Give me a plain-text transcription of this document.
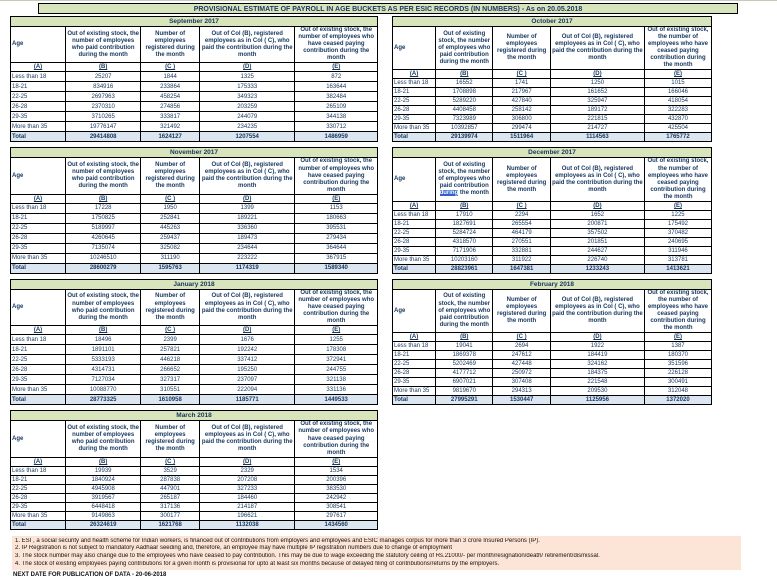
PROVISIONAL ESTIMATE OF PAYROLL IN AGE BUCKETS AS PER ESIC RECORDS (IN NUMBERS) - As on 20.05.2018
September 2017				
Age	Out of existing stock, the number of employees who paid contribution during the month	Number of employees registered during the month	Out of Col (B), registered employees as in Col ( C), who paid the contribution during the month	Out of existing stock, the number of employees who have ceased paying contribution during the month
(A)	(B)	(C )	(D)	(E)
Less than 18	25207	1844	1325	872
18-21	834916	233864	175333	163644
22-25	2697963	458254	349323	382484
26-28	2370310	274856	203259	265109
29-35	3710265	333817	244079	344138
More than 35	19776147	321492	234235	330712
Total	29414808	1624127	1207554	1486959
October 2017				
Age	Out of existing stock, the number of employees who paid contribution during the month	Number of employees registered during the month	Out of Col (B), registered employees as in Col ( C), who paid the contribution during the month	Out of existing stock, the number of employees who have ceased paying contribution during the month
(A)	(B)	(C )	(D)	(E)
Less than 18	16552	1741	1250	1015
18-21	1708898	217967	161652	166046
22-25	5289220	427840	325947	418054
26-28	4408458	258142	189172	322283
29-35	7323989	306800	221815	432870
More than 35	10392857	299474	214727	425504
Total	29139974	1511964	1114563	1765772
November 2017				
Age	Out of existing stock, the number of employees who paid contribution during the month	Number of employees registered during the month	Out of Col (B), registered employees as in Col ( C), who paid the contribution during the month	Out of existing stock, the number of employees who have ceased paying contribution during the month
(A)	(B)	(C )	(D)	(E)
Less than 18	17228	1950	1399	1153
18-21	1750825	252841	189221	180663
22-25	5189997	445263	336360	395531
26-28	4260645	259437	189473	279434
29-35	7135074	325082	234644	364644
More than 35	10246510	311190	223222	367915
Total	28600279	1595763	1174319	1589340
December 2017				
Age	Out of existing stock, the number of employees who paid contribution during the month	Number of employees registered during the month	Out of Col (B), registered employees as in Col ( C), who paid the contribution during the month	Out of existing stock, the number of employees who have ceased paying contribution during the month
(A)	(B)	(C )	(D)	(E)
Less than 18	17910	2294	1652	1225
18-21	1827691	265554	200871	175492
22-25	5284724	464179	357502	370482
26-28	4318570	270551	201851	240695
29-35	7171906	332881	244627	311946
More than 35	10203160	311922	226740	313781
Total	28823961	1647381	1233243	1413621
January 2018				
Age	Out of existing stock, the number of employees who paid contribution during the month	Number of employees registered during the month	Out of Col (B), registered employees as in Col ( C), who paid the contribution during the month	Out of existing stock, the number of employees who have ceased paying contribution during the month
(A)	(B)	(C )	(D)	(E)
Less than 18	18496	2399	1676	1255
18-21	1891101	257821	192242	178308
22-25	5333193	446218	337412	372941
26-28	4314731	266652	195250	244755
29-35	7127034	327317	237097	321138
More than 35	10088770	310551	222094	331136
Total	28773325	1610958	1185771	1449533
February 2018				
Age	Out of existing stock, the number of employees who paid contribution during the month	Number of employees registered during the month	Out of Col (B), registered employees as in Col ( C), who paid the contribution during the month	Out of existing stock, the number of employees who have ceased paying contribution during the month
(A)	(B)	(C )	(D)	(E)
Less than 18	19041	2694	1922	1387
18-21	1869378	247612	184419	180370
22-25	5202469	427448	324162	351596
26-28	4177712	250972	184375	226128
29-35	6907021	307408	221548	300491
More than 35	9819670	294313	209530	312048
Total	27995291	1530447	1125956	1372020
March 2018				
Age	Out of existing stock, the number of employees who paid contribution during the month	Number of employees registered during the month	Out of Col (B), registered employees as in Col ( C), who paid the contribution during the month	Out of existing stock, the number of employees who have ceased paying contribution during the month
(A)	(B)	(C )	(D)	(E)
Less than 18	19939	3529	2329	1534
18-21	1840924	287838	207208	200396
22-25	4945908	447901	327233	383530
26-28	3919567	265187	184460	242942
29-35	6448418	317136	214187	308541
More than 35	9149863	300177	196621	297617
Total	26324619	1621768	1132038	1434560
1. ESI , a social security and health scheme for Indian workers, is financed out of contributions from employers and employees and ESIC manages corpus for more than 3 crore Insured Persons (IP).
2. IP Registration is not subject to mandatory Aadhaar seeding and, therefore, an employee may have multiple IP registration numbers due to change of employment
3. The stock number may also change due to the employees who have ceased to pay contribution. This may be due to wage exceeding the statutory ceiling of Rs.21000/- per month/resignation/death/ retirement/dismissal.
4. The stock of existing employees paying contributions for a given month is provisional for upto at least six months because of delayed filing of contributions/returns by the employers.
NEXT DATE FOR PUBLICATION OF DATA - 20-06-2018
